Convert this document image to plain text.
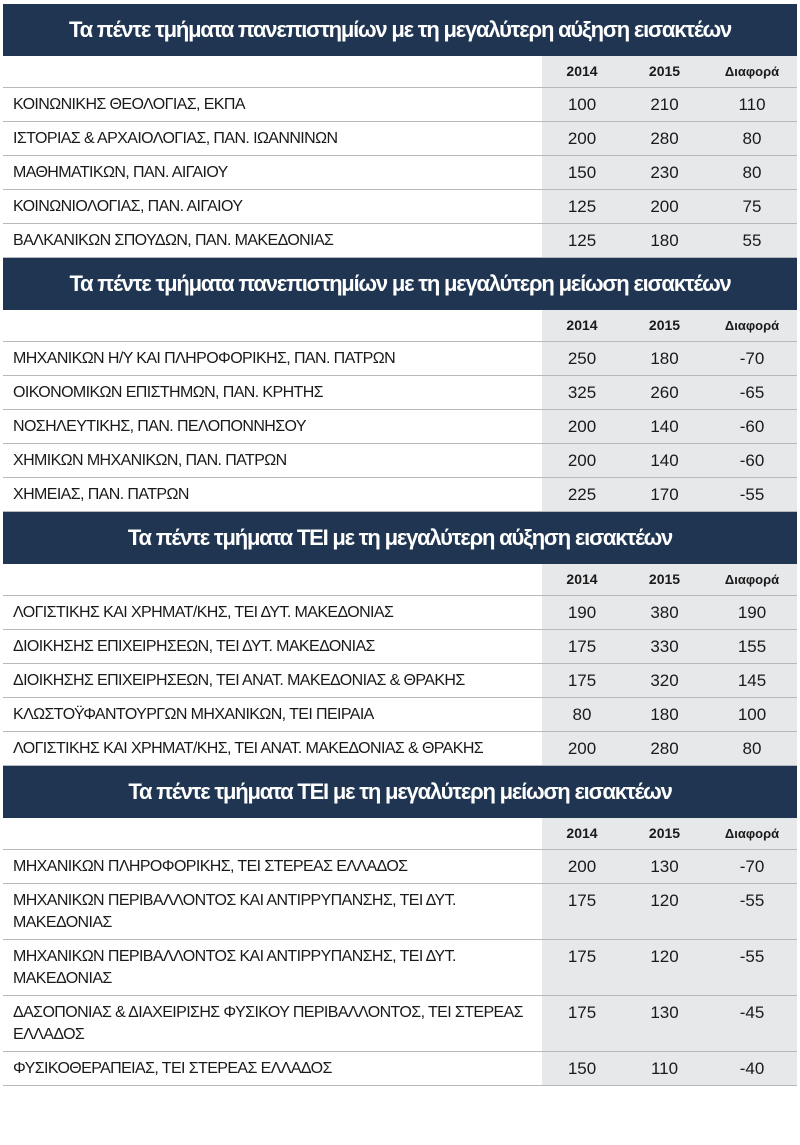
Τα πέντε τμήματα πανεπιστημίων με τη μεγαλύτερη αύξηση εισακτέων
	2014	2015	Διαφορά
ΚΟΙΝΩΝΙΚΗΣ ΘΕΟΛΟΓΙΑΣ, ΕΚΠΑ	100	210	110
ΙΣΤΟΡΙΑΣ & ΑΡΧΑΙΟΛΟΓΙΑΣ, ΠΑΝ. ΙΩΑΝΝΙΝΩΝ	200	280	80
ΜΑΘΗΜΑΤΙΚΩΝ, ΠΑΝ. ΑΙΓΑΙΟΥ	150	230	80
ΚΟΙΝΩΝΙΟΛΟΓΙΑΣ, ΠΑΝ. ΑΙΓΑΙΟΥ	125	200	75
ΒΑΛΚΑΝΙΚΩΝ ΣΠΟΥΔΩΝ, ΠΑΝ. ΜΑΚΕΔΟΝΙΑΣ	125	180	55
Τα πέντε τμήματα πανεπιστημίων με τη μεγαλύτερη μείωση εισακτέων
	2014	2015	Διαφορά
ΜΗΧΑΝΙΚΩΝ Η/Υ ΚΑΙ ΠΛΗΡΟΦΟΡΙΚΗΣ, ΠΑΝ. ΠΑΤΡΩΝ	250	180	-70
ΟΙΚΟΝΟΜΙΚΩΝ ΕΠΙΣΤΗΜΩΝ, ΠΑΝ. ΚΡΗΤΗΣ	325	260	-65
ΝΟΣΗΛΕΥΤΙΚΗΣ, ΠΑΝ. ΠΕΛΟΠΟΝΝΗΣΟΥ	200	140	-60
ΧΗΜΙΚΩΝ ΜΗΧΑΝΙΚΩΝ, ΠΑΝ. ΠΑΤΡΩΝ	200	140	-60
ΧΗΜΕΙΑΣ, ΠΑΝ. ΠΑΤΡΩΝ	225	170	-55
Τα πέντε τμήματα ΤΕΙ με τη μεγαλύτερη αύξηση εισακτέων
	2014	2015	Διαφορά
ΛΟΓΙΣΤΙΚΗΣ ΚΑΙ ΧΡΗΜΑΤ/ΚΗΣ, ΤΕΙ ΔΥΤ. ΜΑΚΕΔΟΝΙΑΣ	190	380	190
ΔΙΟΙΚΗΣΗΣ ΕΠΙΧΕΙΡΗΣΕΩΝ, ΤΕΙ ΔΥΤ. ΜΑΚΕΔΟΝΙΑΣ	175	330	155
ΔΙΟΙΚΗΣΗΣ ΕΠΙΧΕΙΡΗΣΕΩΝ, ΤΕΙ ΑΝΑΤ. ΜΑΚΕΔΟΝΙΑΣ & ΘΡΑΚΗΣ	175	320	145
ΚΛΩΣΤΟΫΦΑΝΤΟΥΡΓΩΝ ΜΗΧΑΝΙΚΩΝ, ΤΕΙ ΠΕΙΡΑΙΑ	80	180	100
ΛΟΓΙΣΤΙΚΗΣ ΚΑΙ ΧΡΗΜΑΤ/ΚΗΣ, ΤΕΙ ΑΝΑΤ. ΜΑΚΕΔΟΝΙΑΣ & ΘΡΑΚΗΣ	200	280	80
Τα πέντε τμήματα ΤΕΙ με τη μεγαλύτερη μείωση εισακτέων
	2014	2015	Διαφορά
ΜΗΧΑΝΙΚΩΝ ΠΛΗΡΟΦΟΡΙΚΗΣ, ΤΕΙ ΣΤΕΡΕΑΣ ΕΛΛΑΔΟΣ	200	130	-70
ΜΗΧΑΝΙΚΩΝ ΠΕΡΙΒΑΛΛΟΝΤΟΣ ΚΑΙ ΑΝΤΙΡΡΥΠΑΝΣΗΣ, ΤΕΙ ΔΥΤ. ΜΑΚΕΔΟΝΙΑΣ	175	120	-55
ΜΗΧΑΝΙΚΩΝ ΠΕΡΙΒΑΛΛΟΝΤΟΣ ΚΑΙ ΑΝΤΙΡΡΥΠΑΝΣΗΣ, ΤΕΙ ΔΥΤ. ΜΑΚΕΔΟΝΙΑΣ	175	120	-55
ΔΑΣΟΠΟΝΙΑΣ & ΔΙΑΧΕΙΡΙΣΗΣ ΦΥΣΙΚΟΥ ΠΕΡΙΒΑΛΛΟΝΤΟΣ, ΤΕΙ ΣΤΕΡΕΑΣ ΕΛΛΑΔΟΣ	175	130	-45
ΦΥΣΙΚΟΘΕΡΑΠΕΙΑΣ, ΤΕΙ ΣΤΕΡΕΑΣ ΕΛΛΑΔΟΣ	150	110	-40
